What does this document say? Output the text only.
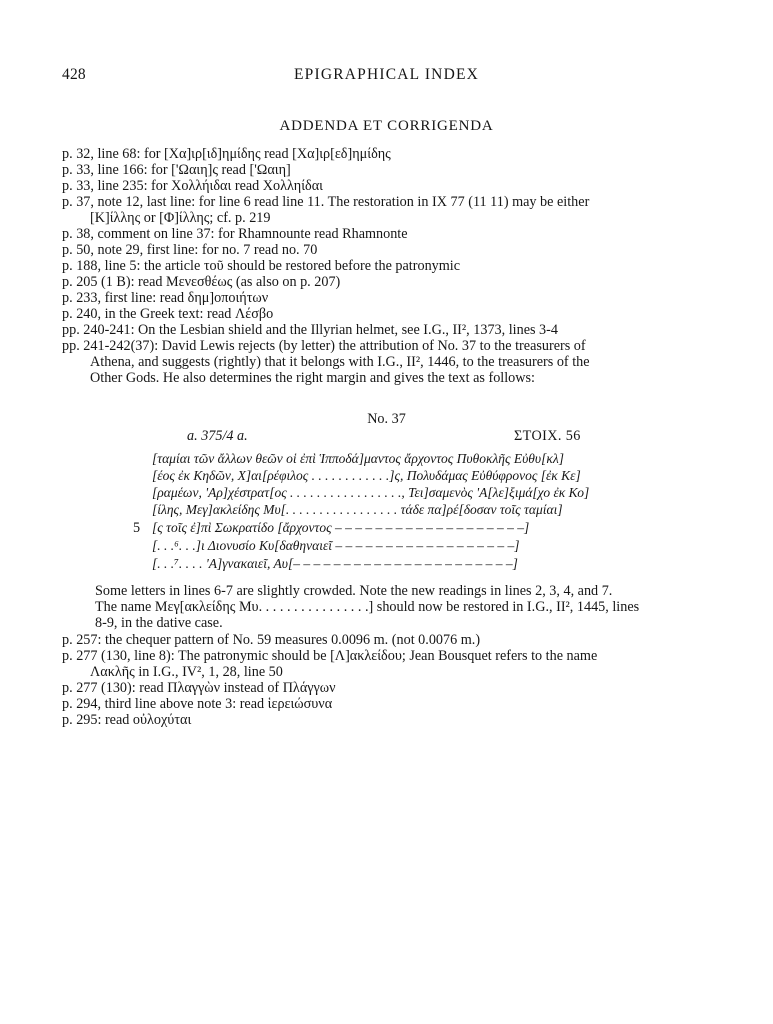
428	EPIGRAPHICAL INDEX
ADDENDA ET CORRIGENDA
p. 32, line 68: for [Χα]ιρ[ιδ]ημίδης read [Χα]ιρ[εδ]ημίδης
p. 33, line 166: for ['Ωαιη]ς read ['Ωαιη]
p. 33, line 235: for Χολλήιδαι read Χολληίδαι
p. 37, note 12, last line: for line 6 read line 11. The restoration in IX 77 (11 11) may be either
[Κ]ίλλης or [Φ]ίλλης; cf. p. 219
p. 38, comment on line 37: for Rhamnounte read Rhamnonte
p. 50, note 29, first line: for no. 7 read no. 70
p. 188, line 5: the article τοῦ should be restored before the patronymic
p. 205 (1 B): read Μενεσθέως (as also on p. 207)
p. 233, first line: read δημ]οποιήτων
p. 240, in the Greek text: read Λέσβο
pp. 240-241: On the Lesbian shield and the Illyrian helmet, see I.G., II², 1373, lines 3-4
pp. 241-242(37): David Lewis rejects (by letter) the attribution of No. 37 to the treasurers of
Athena, and suggests (rightly) that it belongs with I.G., II², 1446, to the treasurers of the
Other Gods. He also determines the right margin and gives the text as follows:
No. 37
a. 375/4 a.	ΣΤΟΙΧ. 56
[ταμίαι τῶν ἄλλων θεῶν οἱ ἐπὶ Ἱπποδά]μαντος ἄρχοντος Πυθοκλῆς Εὐθυ[κλ]
[έος ἐκ Κηδῶν, Χ]αι[ρέφιλος . . . . . . . . . . . .]ς, Πολυδάμας Εὐθύφρονος [ἐκ Κε]
[ραμέων, 'Αρ]χέστρατ[ος . . . . . . . . . . . . . . . . ., Τει]σαμενὸς 'Α[λε]ξιμά[χο ἐκ Κο]
[ίλης, Μεγ]ακλείδης Μυ[. . . . . . . . . . . . . . . . . τάδε πα]ρέ[δοσαν τοῖς ταμίαι]
5 [ς τοῖς ἐ]πὶ Σωκρατίδο [ἄρχοντος – – – – – – – – – – – – – – – – – – –]
[. . .⁶. . .]ι Διονυσίο Κυ[δαθηναιεῖ – – – – – – – – – – – – – – – – – –]
[. . .⁷. . . . 'Α]γνακαιεῖ, Αυ[– – – – – – – – – – – – – – – – – – – – – –]
Some letters in lines 6-7 are slightly crowded. Note the new readings in lines 2, 3, 4, and 7.
The name Μεγ[ακλείδης Μυ. . . . . . . . . . . . . . . .] should now be restored in I.G., II², 1445, lines
8-9, in the dative case.
p. 257: the chequer pattern of No. 59 measures 0.0096 m. (not 0.0076 m.)
p. 277 (130, line 8): The patronymic should be [Λ]ακλείδου; Jean Bousquet refers to the name
Λακλῆς in I.G., IV², 1, 28, line 50
p. 277 (130): read Πλαγγὼν instead of Πλάγγων
p. 294, third line above note 3: read ἱερειώσυνα
p. 295: read οὐλοχύται
